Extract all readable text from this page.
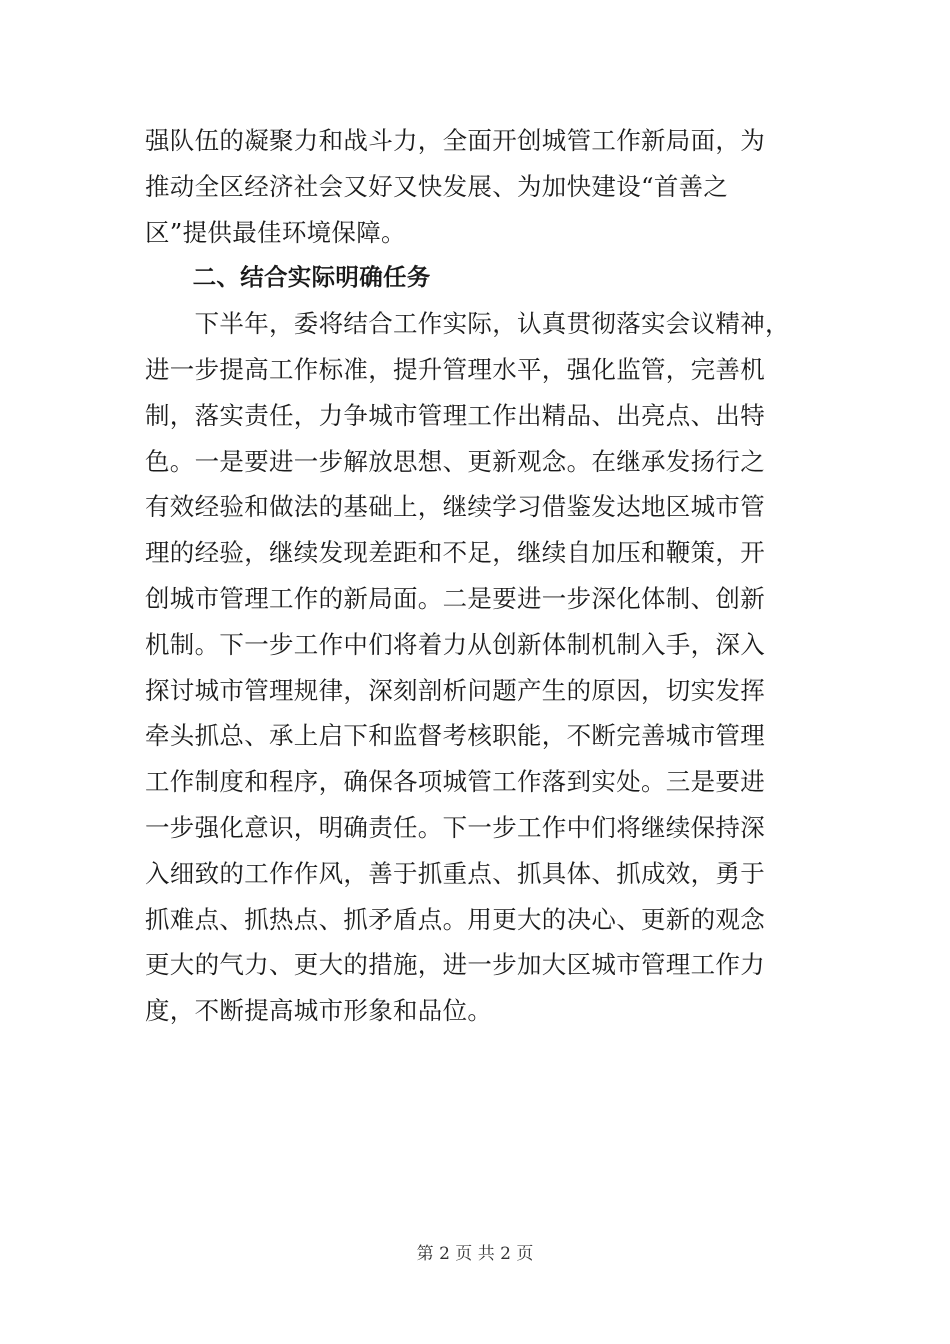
强队伍的凝聚力和战斗力，全面开创城管工作新局面，为
推动全区经济社会又好又快发展、为加快建设“首善之
区”提供最佳环境保障。
　　二、结合实际明确任务
　　下半年，委将结合工作实际，认真贯彻落实会议精神，
进一步提高工作标准，提升管理水平，强化监管，完善机
制，落实责任，力争城市管理工作出精品、出亮点、出特
色。一是要进一步解放思想、更新观念。在继承发扬行之
有效经验和做法的基础上，继续学习借鉴发达地区城市管
理的经验，继续发现差距和不足，继续自加压和鞭策，开
创城市管理工作的新局面。二是要进一步深化体制、创新
机制。下一步工作中们将着力从创新体制机制入手，深入
探讨城市管理规律，深刻剖析问题产生的原因，切实发挥
牵头抓总、承上启下和监督考核职能，不断完善城市管理
工作制度和程序，确保各项城管工作落到实处。三是要进
一步强化意识，明确责任。下一步工作中们将继续保持深
入细致的工作作风，善于抓重点、抓具体、抓成效，勇于
抓难点、抓热点、抓矛盾点。用更大的决心、更新的观念
更大的气力、更大的措施，进一步加大区城市管理工作力
度，不断提高城市形象和品位。
第 2 页 共 2 页
